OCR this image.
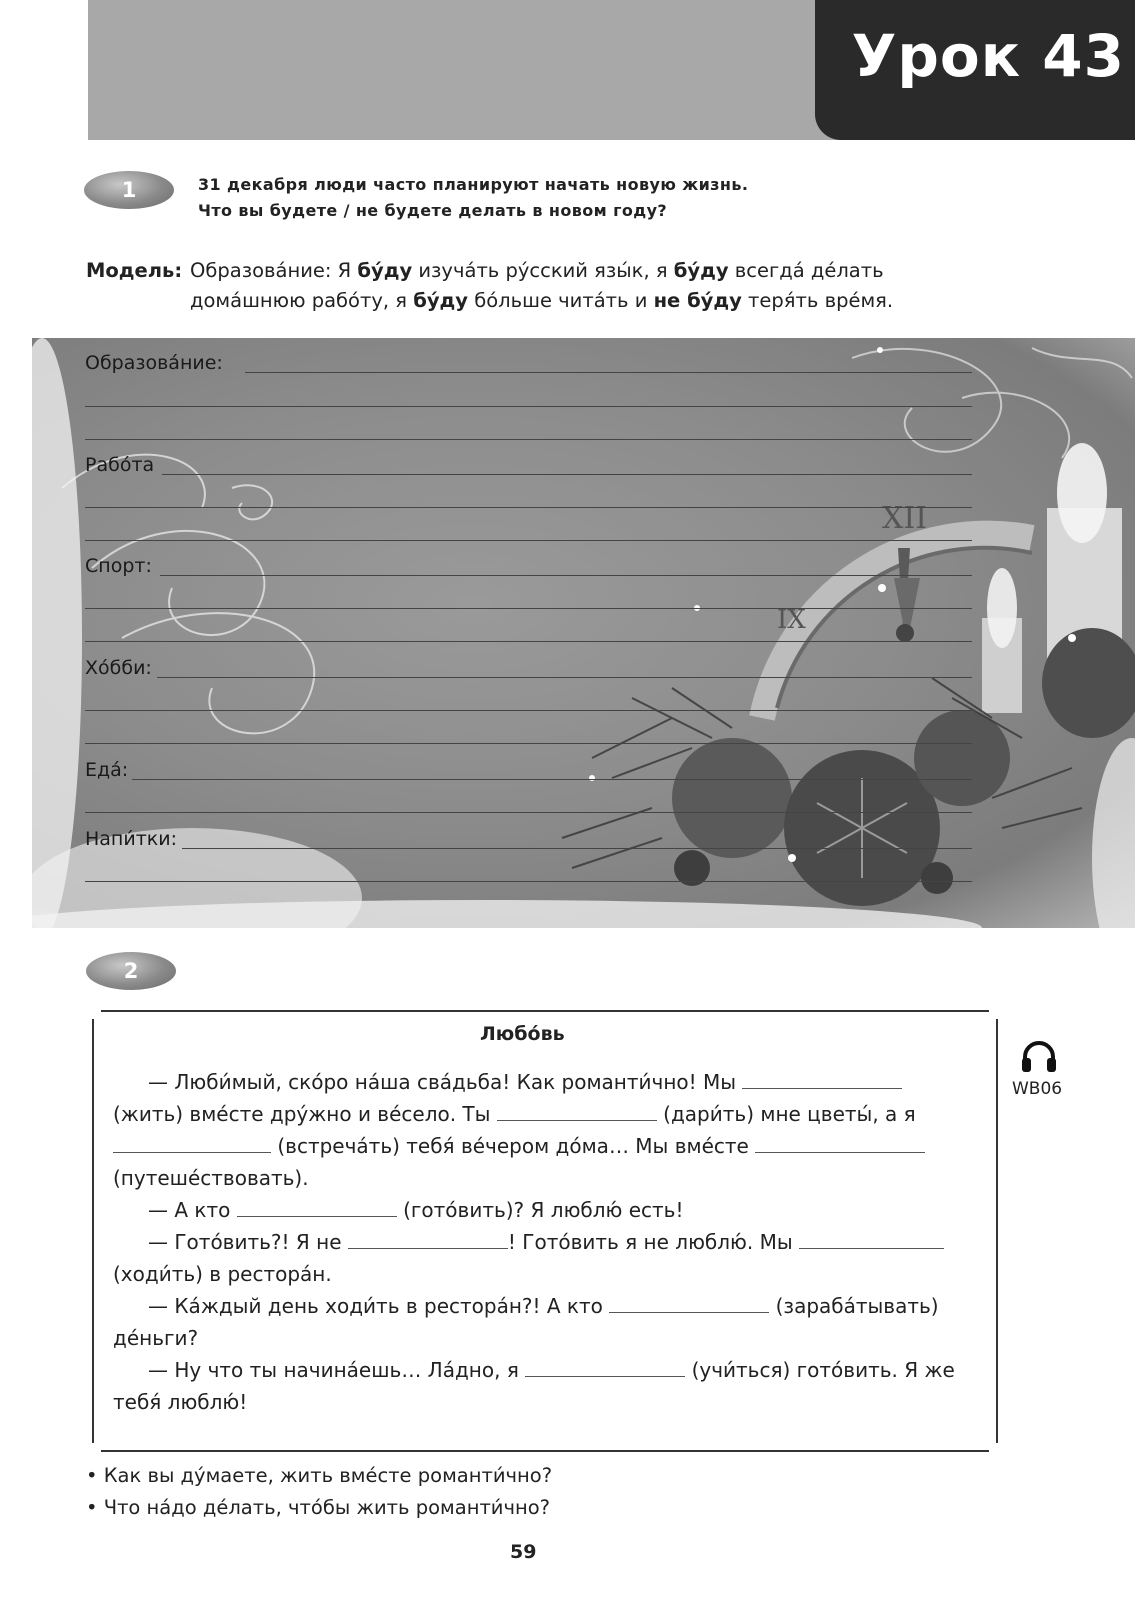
Урок 43
1	31 декабря люди часто планируют начать новую жизнь.
Что вы будете / не будете делать в новом году?
Модель: Образова́ние: Я бу́ду изуча́ть ру́сский язы́к, я бу́ду всегда́ де́лать
дома́шнюю рабо́ту, я бу́ду бо́льше чита́ть и не бу́ду теря́ть вре́мя.
XII
IX
Образова́ние:
Рабо́та
Спорт:
Хо́бби:
Еда́:
Напи́тки:
2
Любо́вь
WB06
— Люби́мый, ско́ро на́ша сва́дьба! Как романти́чно! Мы
(жить) вме́сте дру́жно и ве́село. Ты	(дари́ть) мне цветы́, а я
(встреча́ть) тебя́ ве́чером до́ма… Мы вме́сте
(путеше́ствовать).
— А кто	(гото́вить)? Я люблю́ есть!
— Гото́вить?! Я не	! Гото́вить я не люблю́. Мы
(ходи́ть) в рестора́н.
— Ка́ждый день ходи́ть в рестора́н?! А кто	(зараба́тывать)
де́ньги?
— Ну что ты начина́ешь… Ла́дно, я	(учи́ться) гото́вить. Я же
тебя́ люблю́!
• Как вы ду́маете, жить вме́сте романти́чно?
• Что на́до де́лать, что́бы жить романти́чно?
59
